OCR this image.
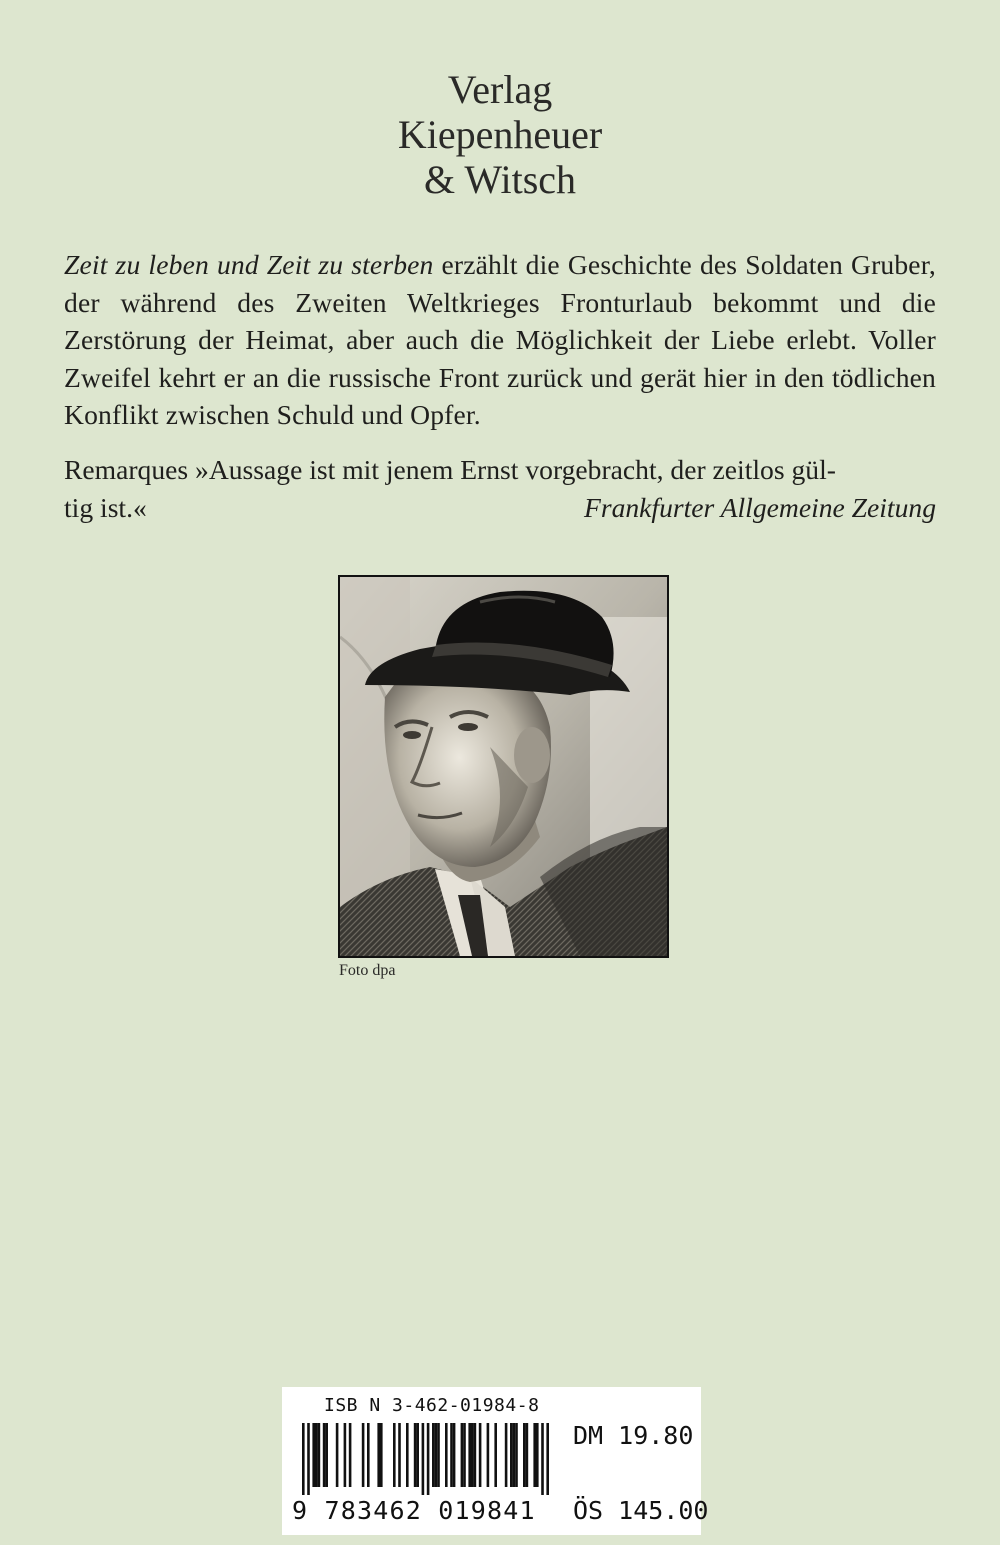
Verlag
Kiepenheuer
& Witsch

Zeit zu leben und Zeit zu sterben erzählt die Geschichte des Soldaten Gruber, der während des Zweiten Weltkrieges Fronturlaub bekommt und die Zerstörung der Heimat, aber auch die Möglichkeit der Liebe erlebt. Voller Zweifel kehrt er an die russische Front zurück und gerät hier in den tödlichen Konflikt zwischen Schuld und Opfer.

Remarques »Aussage ist mit jenem Ernst vorgebracht, der zeitlos gül-
tig ist.«	Frankfurter Allgemeine Zeitung
Foto dpa
ISB N 3-462-01984-8
9 783462 019841
DM 19.80
ÖS 145.00
